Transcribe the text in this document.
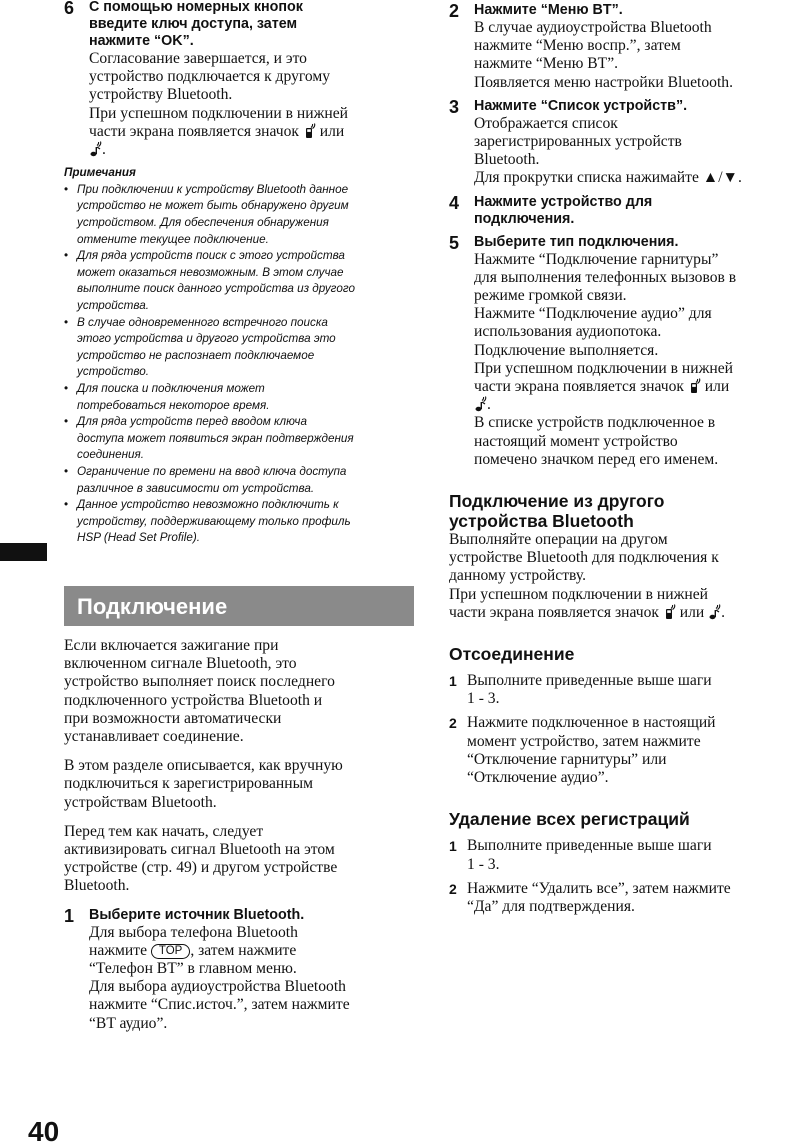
6 С помощью номерных кнопок
введите ключ доступа, затем
нажмите “OK”.
Согласование завершается, и это
устройство подключается к другому
устройству Bluetooth.
При успешном подключении в нижней
части экрана появляется значок  или
.
Примечания
• При подключении к устройству Bluetooth данное
устройство не может быть обнаружено другим
устройством. Для обеспечения обнаружения
отмените текущее подключение.
• Для ряда устройств поиск с этого устройства
может оказаться невозможным. В этом случае
выполните поиск данного устройства из другого
устройства.
• В случае одновременного встречного поиска
этого устройства и другого устройства это
устройство не распознает подключаемое
устройство.
• Для поиска и подключения может
потребоваться некоторое время.
• Для ряда устройств перед вводом ключа
доступа может появиться экран подтверждения
соединения.
• Ограничение по времени на ввод ключа доступа
различное в зависимости от устройства.
• Данное устройство невозможно подключить к
устройству, поддерживающему только профиль
HSP (Head Set Profile).
Подключение

Если включается зажигание при
включенном сигнале Bluetooth, это
устройство выполняет поиск последнего
подключенного устройства Bluetooth и
при возможности автоматически
устанавливает соединение.

В этом разделе описывается, как вручную
подключиться к зарегистрированным
устройствам Bluetooth.

Перед тем как начать, следует
активизировать сигнал Bluetooth на этом
устройстве (стр. 49) и другом устройстве
Bluetooth.

1 Выберите источник Bluetooth.
Для выбора телефона Bluetooth
нажмите TOP , затем нажмите
“Телефон BT” в главном меню.
Для выбора аудиоустройства Bluetooth
нажмите “Спис.источ.”, затем нажмите
“BT аудио”.
2 Нажмите “Меню BT”.
В случае аудиоустройства Bluetooth
нажмите “Меню воспр.”, затем
нажмите “Меню BT”.
Появляется меню настройки Bluetooth.
3 Нажмите “Список устройств”.
Отображается список
зарегистрированных устройств
Bluetooth.
Для прокрутки списка нажимайте ▲/▼.
4 Нажмите устройство для
подключения.
5 Выберите тип подключения.
Нажмите “Подключение гарнитуры”
для выполнения телефонных вызовов в
режиме громкой связи.
Нажмите “Подключение аудио” для
использования аудиопотока.
Подключение выполняется.
При успешном подключении в нижней
части экрана появляется значок  или
.
В списке устройств подключенное в
настоящий момент устройство
помечено значком перед его именем.
Подключение из другого
устройства Bluetooth
Выполняйте операции на другом
устройстве Bluetooth для подключения к
данному устройству.
При успешном подключении в нижней
части экрана появляется значок  или .
Отсоединение
1 Выполните приведенные выше шаги
1 - 3.
2 Нажмите подключенное в настоящий
момент устройство, затем нажмите
“Отключение гарнитуры” или
“Отключение аудио”.
Удаление всех регистраций
1 Выполните приведенные выше шаги
1 - 3.
2 Нажмите “Удалить все”, затем нажмите
“Да” для подтверждения.
40
